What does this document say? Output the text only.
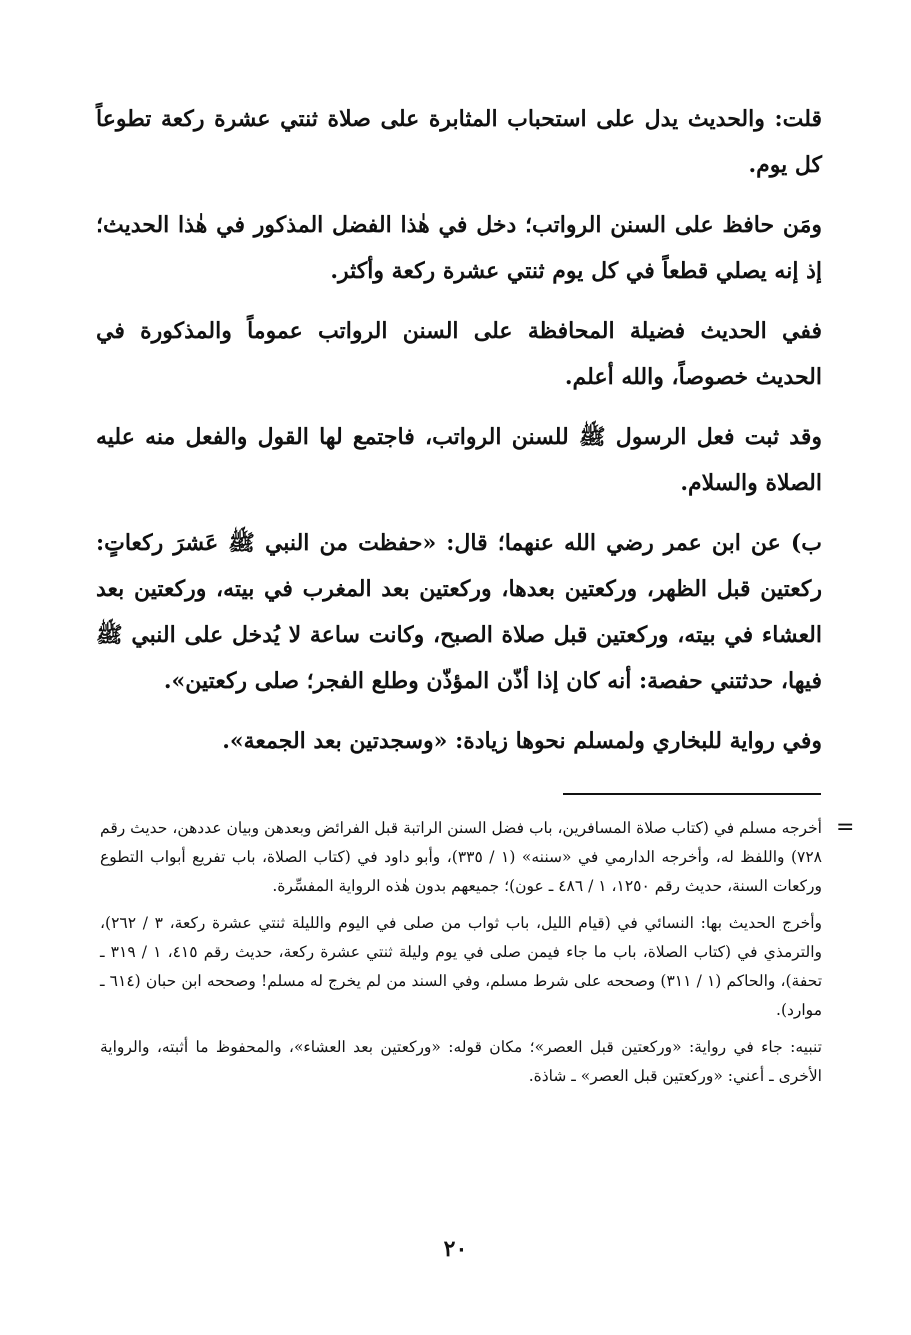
قلت: والحديث يدل على استحباب المثابرة على صلاة ثنتي عشرة ركعة تطوعاً كل يوم.

ومَن حافظ على السنن الرواتب؛ دخل في هٰذا الفضل المذكور في هٰذا الحديث؛ إذ إنه يصلي قطعاً في كل يوم ثنتي عشرة ركعة وأكثر.

ففي الحديث فضيلة المحافظة على السنن الرواتب عموماً والمذكورة في الحديث خصوصاً، والله أعلم.

وقد ثبت فعل الرسول ﷺ للسنن الرواتب، فاجتمع لها القول والفعل منه عليه الصلاة والسلام.

ب) عن ابن عمر رضي الله عنهما؛ قال: «حفظت من النبي ﷺ عَشرَ ركعاتٍ: ركعتين قبل الظهر، وركعتين بعدها، وركعتين بعد المغرب في بيته، وركعتين بعد العشاء في بيته، وركعتين قبل صلاة الصبح، وكانت ساعة لا يُدخل على النبي ﷺ فيها، حدثتني حفصة: أنه كان إذا أذّن المؤذّن وطلع الفجر؛ صلى ركعتين».

وفي رواية للبخاري ولمسلم نحوها زيادة: «وسجدتين بعد الجمعة».

=

أخرجه مسلم في (كتاب صلاة المسافرين، باب فضل السنن الراتبة قبل الفرائض وبعدهن وبيان عددهن، حديث رقم ٧٢٨) واللفظ له، وأخرجه الدارمي في «سننه» (١ / ٣٣٥)، وأبو داود في (كتاب الصلاة، باب تفريع أبواب التطوع وركعات السنة، حديث رقم ١٢٥٠، ١ / ٤٨٦ ـ عون)؛ جميعهم بدون هٰذه الرواية المفسِّرة.

وأخرج الحديث بها: النسائي في (قيام الليل، باب ثواب من صلى في اليوم والليلة ثنتي عشرة ركعة، ٣ / ٢٦٢)، والترمذي في (كتاب الصلاة، باب ما جاء فيمن صلى في يوم وليلة ثنتي عشرة ركعة، حديث رقم ٤١٥، ١ / ٣١٩ ـ تحفة)، والحاكم (١ / ٣١١) وصححه على شرط مسلم، وفي السند من لم يخرج له مسلم! وصححه ابن حبان (٦١٤ ـ موارد).

تنبيه: جاء في رواية: «وركعتين قبل العصر»؛ مكان قوله: «وركعتين بعد العشاء»، والمحفوظ ما أثبته، والرواية الأخرى ـ أعني: «وركعتين قبل العصر» ـ شاذة.

٢٠
